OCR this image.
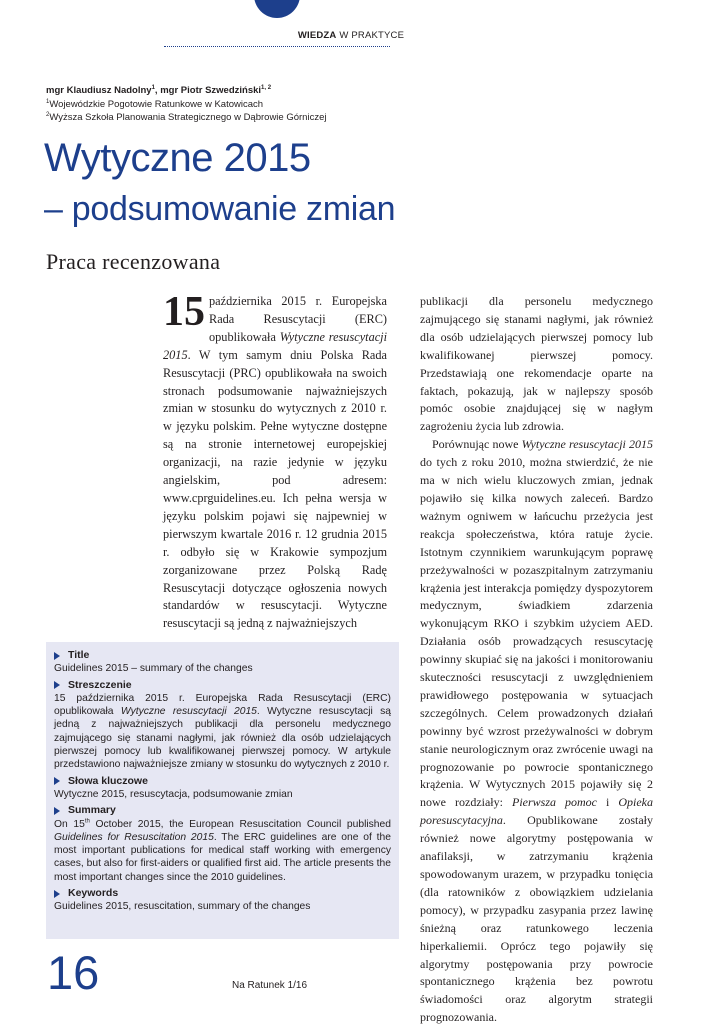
WIEDZA W PRAKTYCE
mgr Klaudiusz Nadolny$^1$, mgr Piotr Szwedziński$^{1, 2}$
$^1$Wojewódzkie Pogotowie Ratunkowe w Katowicach
$^2$Wyższa Szkoła Planowania Strategicznego w Dąbrowie Górniczej
Wytyczne 2015
– podsumowanie zmian
Praca recenzowana

15 października 2015 r. Europejska Rada Resuscytacji (ERC) opublikowała Wytyczne resuscytacji 2015. W tym samym dniu Polska Rada Resuscytacji (PRC) opublikowała na swoich stronach podsumowanie najważniejszych zmian w stosunku do wytycznych z 2010 r. w języku polskim. Pełne wytyczne dostępne są na stronie internetowej europejskiej organizacji, na razie jedynie w języku angielskim,	pod	adresem: www.cprguidelines.eu. Ich pełna wersja w języku polskim pojawi się najpewniej w pierwszym kwartale 2016 r. 12 grudnia 2015 r. odbyło się w Krakowie sympozjum zorganizowane przez Polską Radę Resuscytacji dotyczące ogłoszenia nowych standardów w resuscytacji. Wytyczne resuscytacji są jedną z najważniejszych

publikacji dla personelu medycznego zajmującego się stanami nagłymi, jak również dla osób udzielających pierwszej pomocy lub kwalifikowanej	pierwszej	pomocy. Przedstawiają one rekomendacje oparte na faktach, pokazują, jak w najlepszy sposób pomóc osobie znajdującej się w nagłym zagrożeniu życia lub zdrowia.

Porównując nowe Wytyczne resuscytacji 2015 do tych z roku 2010, można stwierdzić, że nie ma w nich wielu kluczowych zmian, jednak pojawiło się kilka nowych zaleceń. Bardzo ważnym ogniwem w łańcuchu przeżycia jest reakcja społeczeństwa, która ratuje życie. Istotnym czynnikiem warunkującym poprawę przeżywalności w pozaszpitalnym zatrzymaniu krążenia jest interakcja pomiędzy dyspozytorem medycznym,	świadkiem	zdarzenia wykonującym RKO i szybkim użyciem AED. Działania osób prowadzących resuscytację powinny skupiać się na jakości i monitorowaniu skuteczności resuscytacji z uwzględnieniem prawidłowego postępowania w sytuacjach szczególnych. Celem prowadzonych działań powinny być wzrost przeżywalności w dobrym stanie neurologicznym oraz zwrócenie uwagi na prognozowanie po powrocie spontanicznego krążenia. W Wytycznych 2015 pojawiły się 2 nowe rozdziały: Pierwsza pomoc i Opieka poresuscytacyjna. Opublikowane zostały również nowe algorytmy postępowania w anafilaksji, w zatrzymaniu krążenia spowodowanym urazem, w przypadku tonięcia (dla ratowników z obowiązkiem udzielania pomocy), w przypadku zasypania przez lawinę śnieżną oraz ratunkowego leczenia hiperkaliemii. Oprócz tego pojawiły się algorytmy postępowania przy powrocie spontanicznego krążenia bez powrotu świadomości oraz algorytm strategii prognozowania.

Title
Guidelines 2015 – summary of the changes
Streszczenie
15 października 2015 r. Europejska Rada Resuscytacji (ERC) opublikowała Wytyczne resuscytacji 2015. Wytyczne resuscytacji są jedną z najważniejszych publikacji dla personelu medycznego zajmującego się stanami nagłymi, jak również dla osób udzielających pierwszej pomocy lub kwalifikowanej pierwszej pomocy. W artykule przedstawiono najważniejsze zmiany w stosunku do wytycznych z 2010 r.
Słowa kluczowe
Wytyczne 2015, resuscytacja, podsumowanie zmian
Summary
On 15th October 2015, the European Resuscitation Council published Guidelines for Resuscitation 2015. The ERC guidelines are one of the most important publications for medical staff working with emergency cases, but also for first-aiders or qualified first aid. The article presents the most important changes since the 2010 guidelines.
Keywords
Guidelines 2015, resuscitation, summary of the changes
16	Na Ratunek 1/16
